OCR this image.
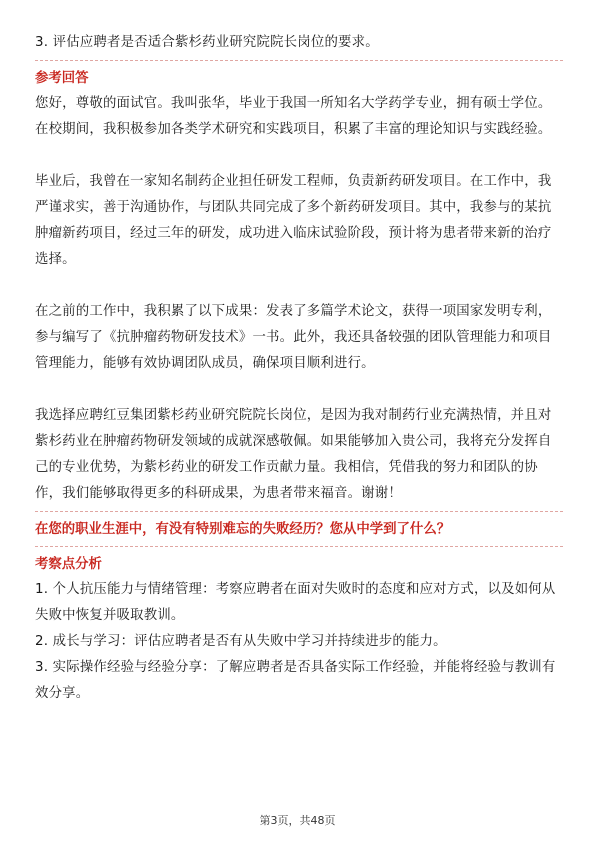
3. 评估应聘者是否适合紫杉药业研究院院长岗位的要求。

参考回答

您好，尊敬的面试官。我叫张华，毕业于我国一所知名大学药学专业，拥有硕士学位。在校期间，我积极参加各类学术研究和实践项目，积累了丰富的理论知识与实践经验。

毕业后，我曾在一家知名制药企业担任研发工程师，负责新药研发项目。在工作中，我严谨求实，善于沟通协作，与团队共同完成了多个新药研发项目。其中，我参与的某抗肿瘤新药项目，经过三年的研发，成功进入临床试验阶段，预计将为患者带来新的治疗选择。

在之前的工作中，我积累了以下成果：发表了多篇学术论文，获得一项国家发明专利，参与编写了《抗肿瘤药物研发技术》一书。此外，我还具备较强的团队管理能力和项目管理能力，能够有效协调团队成员，确保项目顺利进行。

我选择应聘红豆集团紫杉药业研究院院长岗位，是因为我对制药行业充满热情，并且对紫杉药业在肿瘤药物研发领域的成就深感敬佩。如果能够加入贵公司，我将充分发挥自己的专业优势，为紫杉药业的研发工作贡献力量。我相信，凭借我的努力和团队的协作，我们能够取得更多的科研成果，为患者带来福音。谢谢！

在您的职业生涯中，有没有特别难忘的失败经历？您从中学到了什么？

考察点分析

1. 个人抗压能力与情绪管理：考察应聘者在面对失败时的态度和应对方式，以及如何从失败中恢复并吸取教训。

2. 成长与学习：评估应聘者是否有从失败中学习并持续进步的能力。

3. 实际操作经验与经验分享：了解应聘者是否具备实际工作经验，并能将经验与教训有效分享。

第3页，共48页
